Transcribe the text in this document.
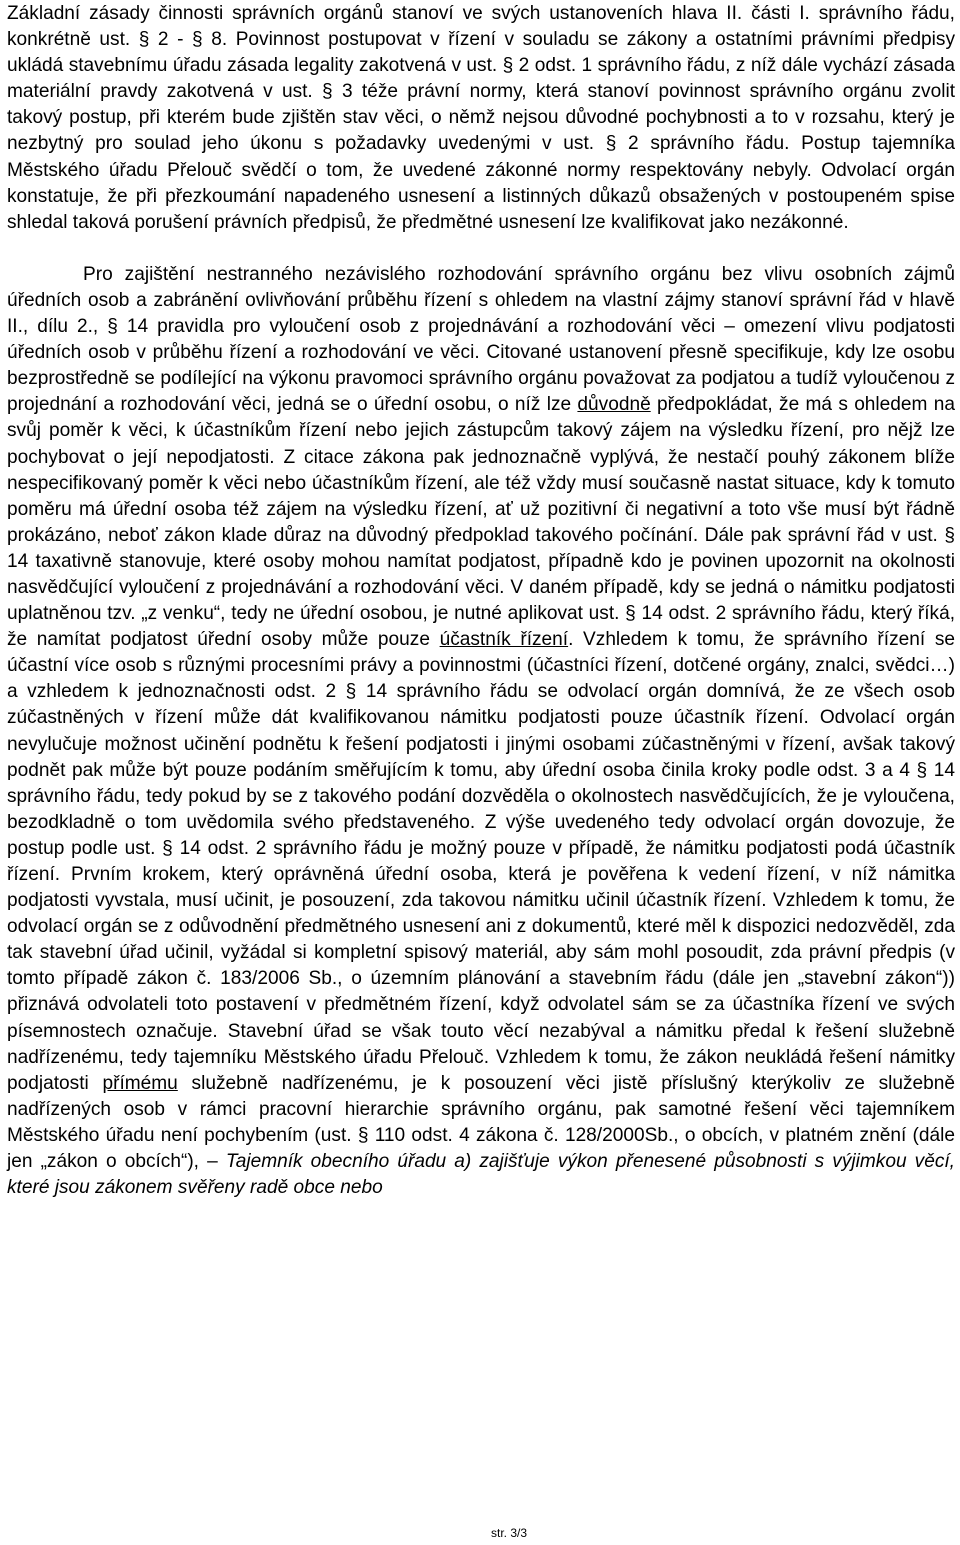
Základní zásady činnosti správních orgánů stanoví ve svých ustanoveních hlava II. části I. správního řádu, konkrétně ust. § 2 - § 8. Povinnost postupovat v řízení v souladu se zákony a ostatními právními předpisy ukládá stavebnímu úřadu zásada legality zakotvená v ust. § 2 odst. 1 správního řádu, z níž dále vychází zásada materiální pravdy zakotvená v ust. § 3 téže právní normy, která stanoví povinnost správního orgánu zvolit takový postup, při kterém bude zjištěn stav věci, o němž nejsou důvodné pochybnosti a to v rozsahu, který je nezbytný pro soulad jeho úkonu s požadavky uvedenými v ust. § 2 správního řádu. Postup tajemníka Městského úřadu Přelouč svědčí o tom, že uvedené zákonné normy respektovány nebyly. Odvolací orgán konstatuje, že při přezkoumání napadeného usnesení a listinných důkazů obsažených v postoupeném spise shledal taková porušení právních předpisů, že předmětné usnesení lze kvalifikovat jako nezákonné.

Pro zajištění nestranného nezávislého rozhodování správního orgánu bez vlivu osobních zájmů úředních osob a zabránění ovlivňování průběhu řízení s ohledem na vlastní zájmy stanoví správní řád v hlavě II., dílu 2., § 14 pravidla pro vyloučení osob z projednávání a rozhodování věci – omezení vlivu podjatosti úředních osob v průběhu řízení a rozhodování ve věci. Citované ustanovení přesně specifikuje, kdy lze osobu bezprostředně se podílející na výkonu pravomoci správního orgánu považovat za podjatou a tudíž vyloučenou z projednání a rozhodování věci, jedná se o úřední osobu, o níž lze důvodně předpokládat, že má s ohledem na svůj poměr k věci, k účastníkům řízení nebo jejich zástupcům takový zájem na výsledku řízení, pro nějž lze pochybovat o její nepodjatosti. Z citace zákona pak jednoznačně vyplývá, že nestačí pouhý zákonem blíže nespecifikovaný poměr k věci nebo účastníkům řízení, ale též vždy musí současně nastat situace, kdy k tomuto poměru má úřední osoba též zájem na výsledku řízení, ať už pozitivní či negativní a toto vše musí být řádně prokázáno, neboť zákon klade důraz na důvodný předpoklad takového počínání. Dále pak správní řád v ust. § 14 taxativně stanovuje, které osoby mohou namítat podjatost, případně kdo je povinen upozornit na okolnosti nasvědčující vyloučení z projednávání a rozhodování věci. V daném případě, kdy se jedná o námitku podjatosti uplatněnou tzv. „z venku“, tedy ne úřední osobou, je nutné aplikovat ust. § 14 odst. 2 správního řádu, který říká, že namítat podjatost úřední osoby může pouze účastník řízení. Vzhledem k tomu, že správního řízení se účastní více osob s různými procesními právy a povinnostmi (účastníci řízení, dotčené orgány, znalci, svědci…) a vzhledem k jednoznačnosti odst. 2 § 14 správního řádu se odvolací orgán domnívá, že ze všech osob zúčastněných v řízení může dát kvalifikovanou námitku podjatosti pouze účastník řízení. Odvolací orgán nevylučuje možnost učinění podnětu k řešení podjatosti i jinými osobami zúčastněnými v řízení, avšak takový podnět pak může být pouze podáním směřujícím k tomu, aby úřední osoba činila kroky podle odst. 3 a 4 § 14 správního řádu, tedy pokud by se z takového podání dozvěděla o okolnostech nasvědčujících, že je vyloučena, bezodkladně o tom uvědomila svého představeného. Z výše uvedeného tedy odvolací orgán dovozuje, že postup podle ust. § 14 odst. 2 správního řádu je možný pouze v případě, že námitku podjatosti podá účastník řízení. Prvním krokem, který oprávněná úřední osoba, která je pověřena k vedení řízení, v níž námitka podjatosti vyvstala, musí učinit, je posouzení, zda takovou námitku učinil účastník řízení. Vzhledem k tomu, že odvolací orgán se z odůvodnění předmětného usnesení ani z dokumentů, které měl k dispozici nedozvěděl, zda tak stavební úřad učinil, vyžádal si kompletní spisový materiál, aby sám mohl posoudit, zda právní předpis (v tomto případě zákon č. 183/2006 Sb., o územním plánování a stavebním řádu (dále jen „stavební zákon“)) přiznává odvolateli toto postavení v předmětném řízení, když odvolatel sám se za účastníka řízení ve svých písemnostech označuje. Stavební úřad se však touto věcí nezabýval a námitku předal k řešení služebně nadřízenému, tedy tajemníku Městského úřadu Přelouč. Vzhledem k tomu, že zákon neukládá řešení námitky podjatosti přímému služebně nadřízenému, je k posouzení věci jistě příslušný kterýkoliv ze služebně nadřízených osob v rámci pracovní hierarchie správního orgánu, pak samotné řešení věci tajemníkem Městského úřadu není pochybením (ust. § 110 odst. 4 zákona č. 128/2000Sb., o obcích, v platném znění (dále jen „zákon o obcích“), – Tajemník obecního úřadu a) zajišťuje výkon přenesené působnosti s výjimkou věcí, které jsou zákonem svěřeny radě obce nebo

str. 3/3
